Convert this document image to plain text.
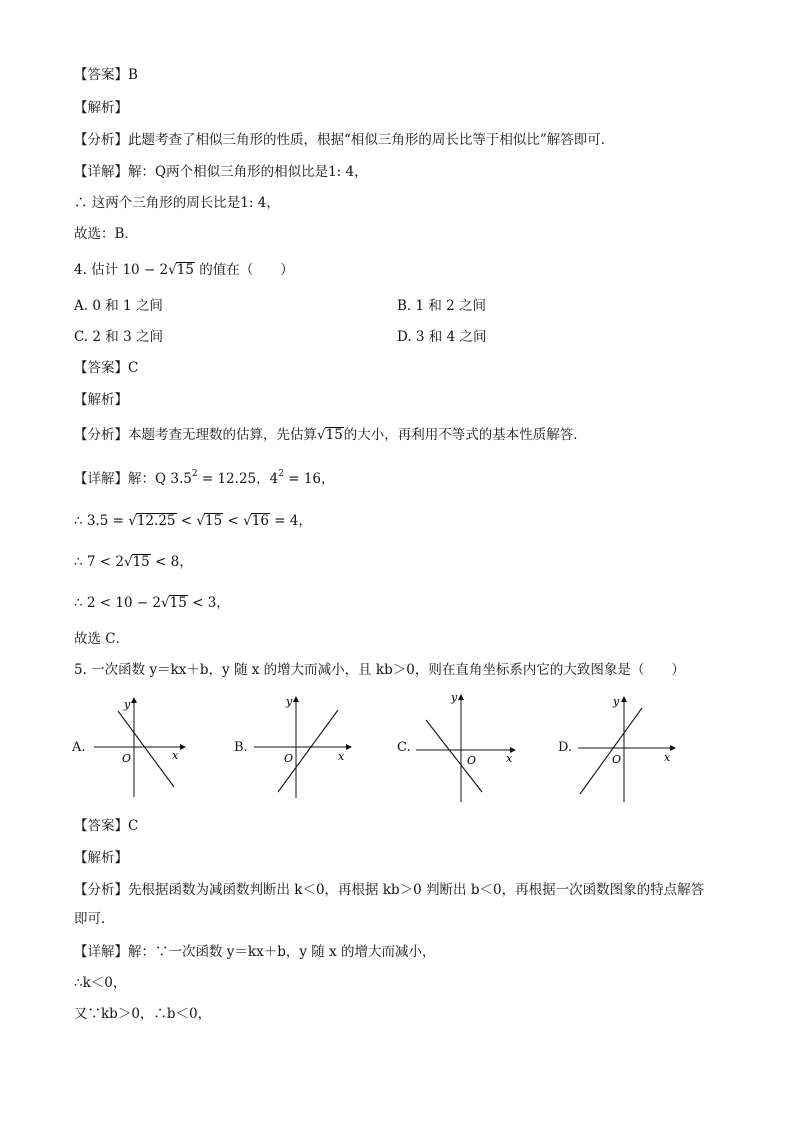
【答案】B
【解析】
【分析】此题考查了相似三角形的性质，根据“相似三角形的周长比等于相似比”解答即可．
【详解】解：Q两个相似三角形的相似比是1: 4，
∴ 这两个三角形的周长比是1: 4，
故选：B．
4. 估计 10 − 2√15 的值在（　　）
A. 0 和 1 之间	B. 1 和 2 之间
C. 2 和 3 之间	D. 3 和 4 之间
【答案】C
【解析】
【分析】本题考查无理数的估算，先估算√15的大小，再利用不等式的基本性质解答．
【详解】解：Q $3.5^2 = 12.25$，$4^2 = 16$，
∴ 3.5 = √12.25 < √15 < √16 = 4，
∴ 7 < 2√15 < 8，
∴ 2 < 10 − 2√15 < 3，
故选 C．
5. 一次函数 y＝kx＋b，y 随 x 的增大而减小，且 kb＞0，则在直角坐标系内它的大致图象是（　　）
A.
y
x
O
B.
y
x
O
C.
y
x
O
D.
y
x
O
【答案】C
【解析】
【分析】先根据函数为减函数判断出 k＜0，再根据 kb＞0 判断出 b＜0，再根据一次函数图象的特点解答
即可．
【详解】解：∵一次函数 y＝kx＋b，y 随 x 的增大而减小，
∴k＜0，
又∵kb＞0，∴b＜0，
